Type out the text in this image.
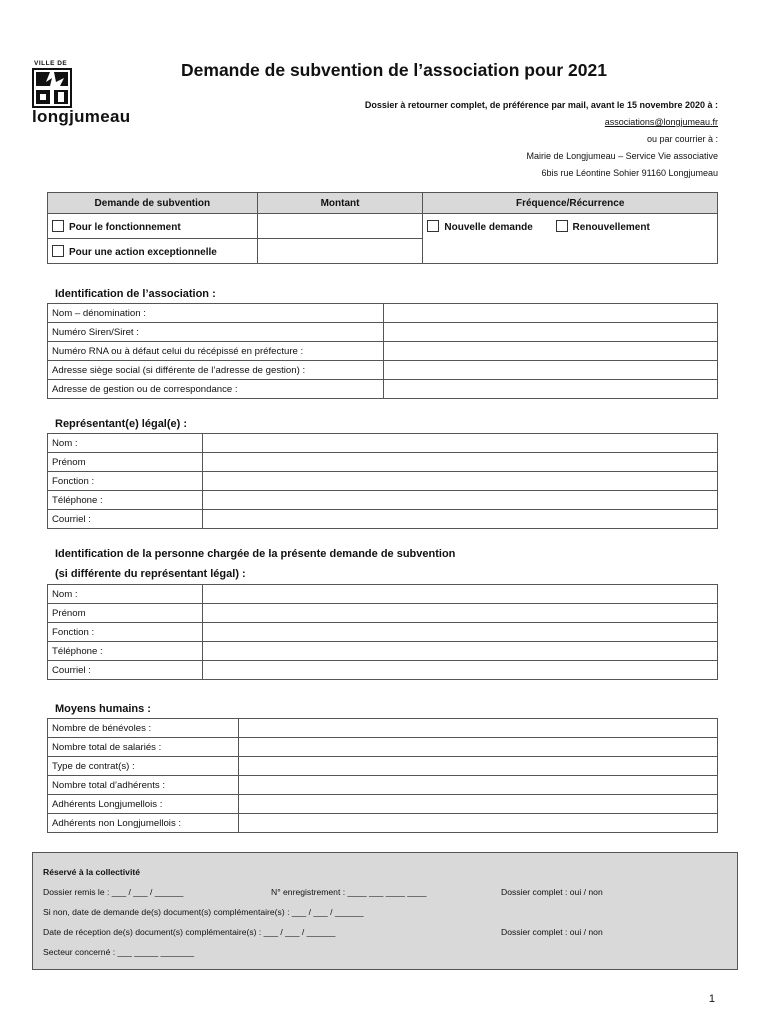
VILLE DE
longjumeau
Demande de subvention de l’association pour 2021
Dossier à retourner complet, de préférence par mail, avant le 15 novembre 2020 à :
associations@longjumeau.fr
ou par courrier à :
Mairie de Longjumeau – Service Vie associative
6bis rue Léontine Sohier 91160 Longjumeau
Demande de subvention	Montant	Fréquence/Récurrence
Pour le fonctionnement		Nouvelle demande Renouvellement
Pour une action exceptionnelle		
Identification de l’association :
Nom – dénomination :	
Numéro Siren/Siret :	
Numéro RNA ou à défaut celui du récépissé en préfecture :	
Adresse siège social (si différente de l’adresse de gestion) :	
Adresse de gestion ou de correspondance :	
Représentant(e) légal(e) :
Nom :	
Prénom	
Fonction :	
Téléphone :	
Courriel :	
Identification de la personne chargée de la présente demande de subvention
(si différente du représentant légal) :
Nom :	
Prénom	
Fonction :	
Téléphone :	
Courriel :	
Moyens humains :
Nombre de bénévoles :	
Nombre total de salariés :	
Type de contrat(s) :	
Nombre total d’adhérents :	
Adhérents Longjumellois :	
Adhérents non Longjumellois :	
Réservé à la collectivité
Dossier remis le : ___ / ___ / ______	N° enregistrement : ____ ___ ____ ____	Dossier complet : oui / non
Si non, date de demande de(s) document(s) complémentaire(s) : ___ / ___ / ______
Date de réception de(s) document(s) complémentaire(s) : ___ / ___ / ______	Dossier complet : oui / non
Secteur concerné : ___ _____ _______
1
